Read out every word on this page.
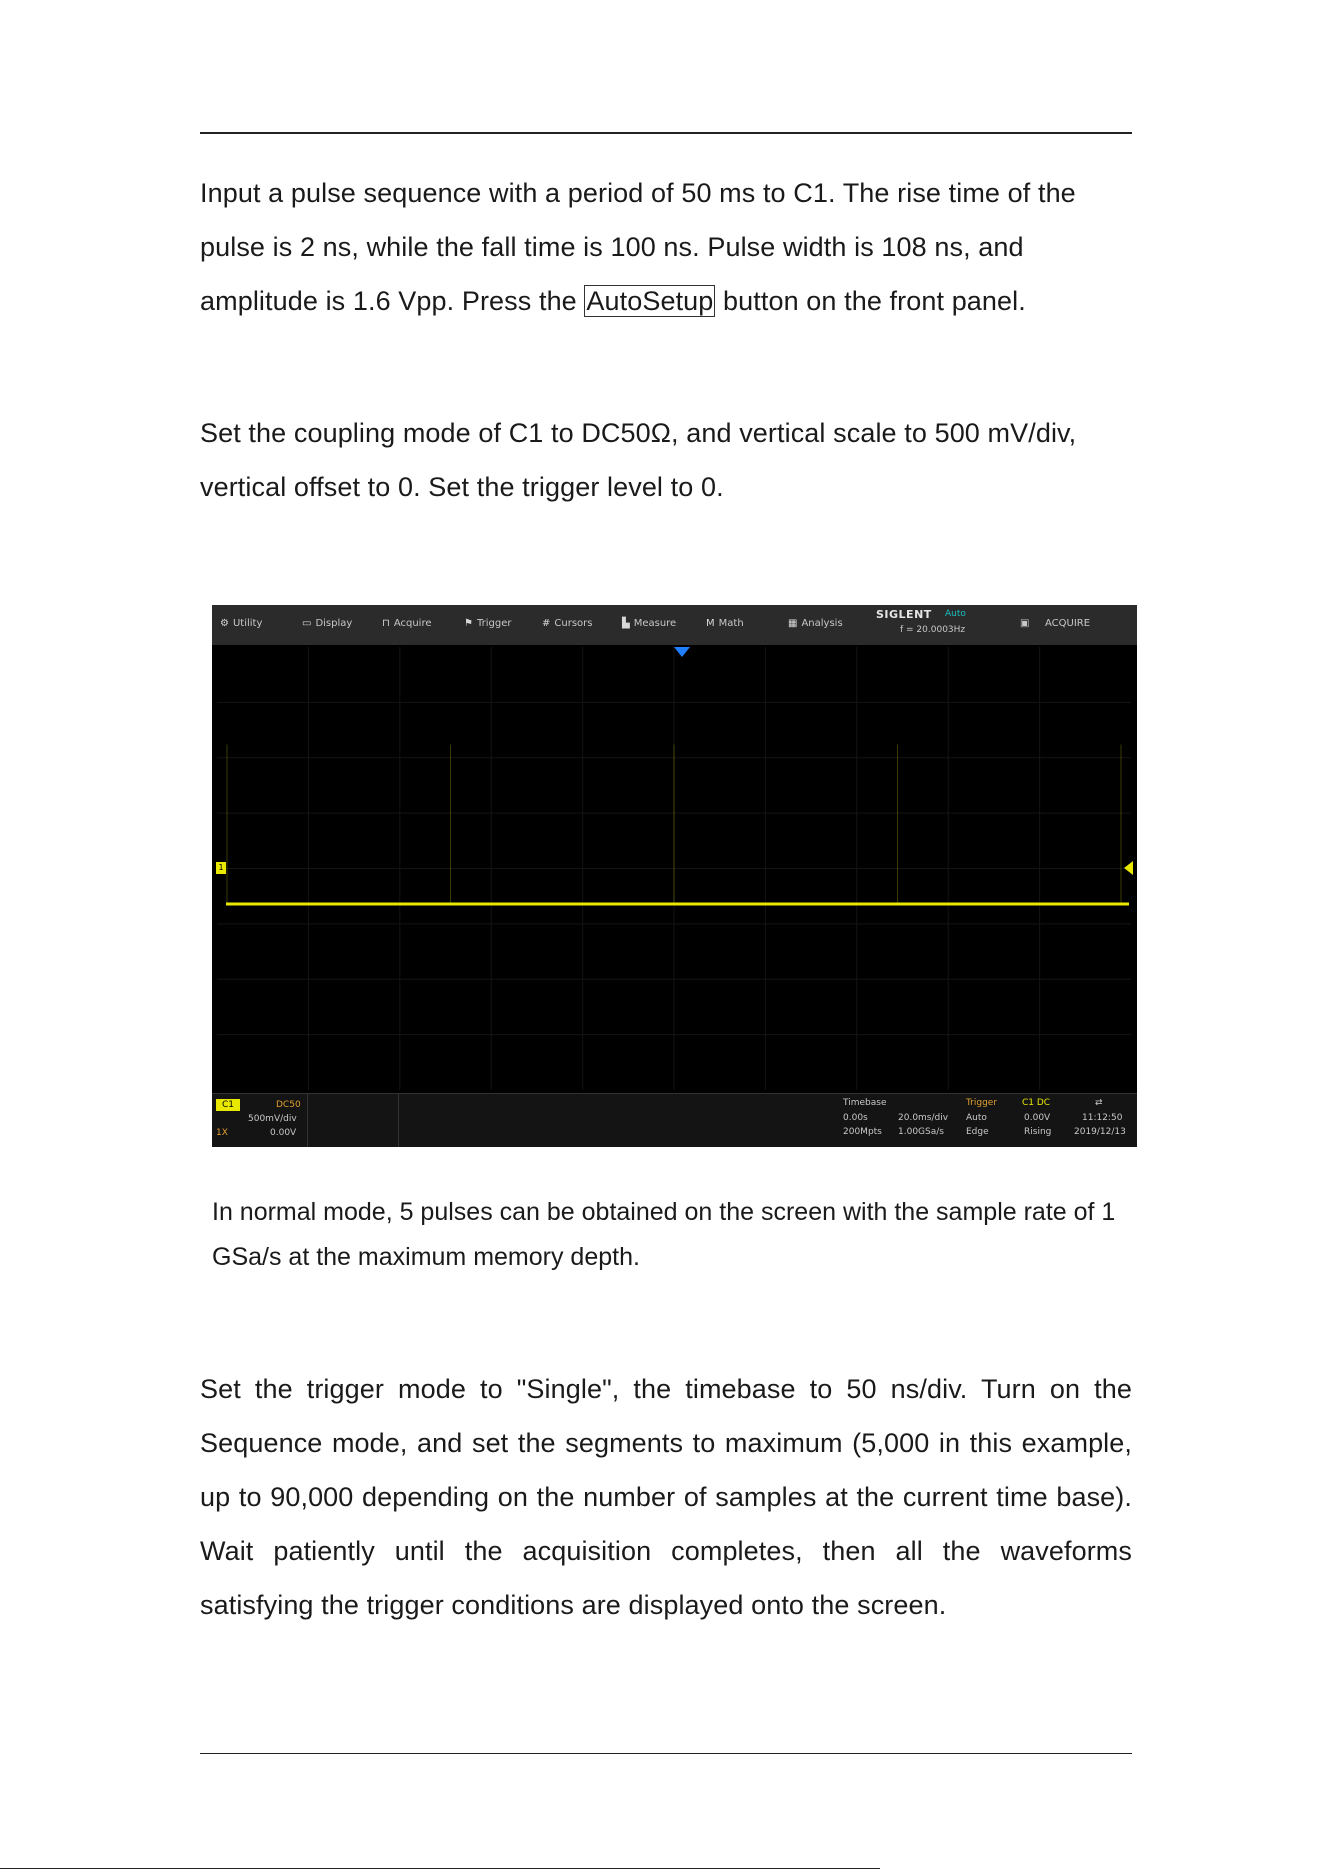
Input a pulse sequence with a period of 50 ms to C1. The rise time of the pulse is 2 ns, while the fall time is 100 ns. Pulse width is 108 ns, and amplitude is 1.6 Vpp. Press the AutoSetup button on the front panel.

Set the coupling mode of C1 to DC50Ω, and vertical scale to 500 mV/div, vertical offset to 0. Set the trigger level to 0.

⚙ Utility	▭ Display	⊓ Acquire	⚑ Trigger	# Cursors	▙ Measure	M Math	▦ Analysis
SIGLENT Auto
f = 20.0003Hz
▣ ACQUIRE
1
C1	DC50
500mV/div
1X	0.00V
Timebase
0.00s	20.0ms/div
200Mpts 1.00GSa/s
Trigger
Auto
Edge
C1 DC
0.00V
Rising
⇄
11:12:50
2019/12/13

In normal mode, 5 pulses can be obtained on the screen with the sample rate of 1 GSa/s at the maximum memory depth.

Set the trigger mode to "Single", the timebase to 50 ns/div. Turn on the Sequence mode, and set the segments to maximum (5,000 in this example, up to 90,000 depending on the number of samples at the current time base). Wait patiently until the acquisition completes, then all the waveforms satisfying the trigger conditions are displayed onto the screen.
